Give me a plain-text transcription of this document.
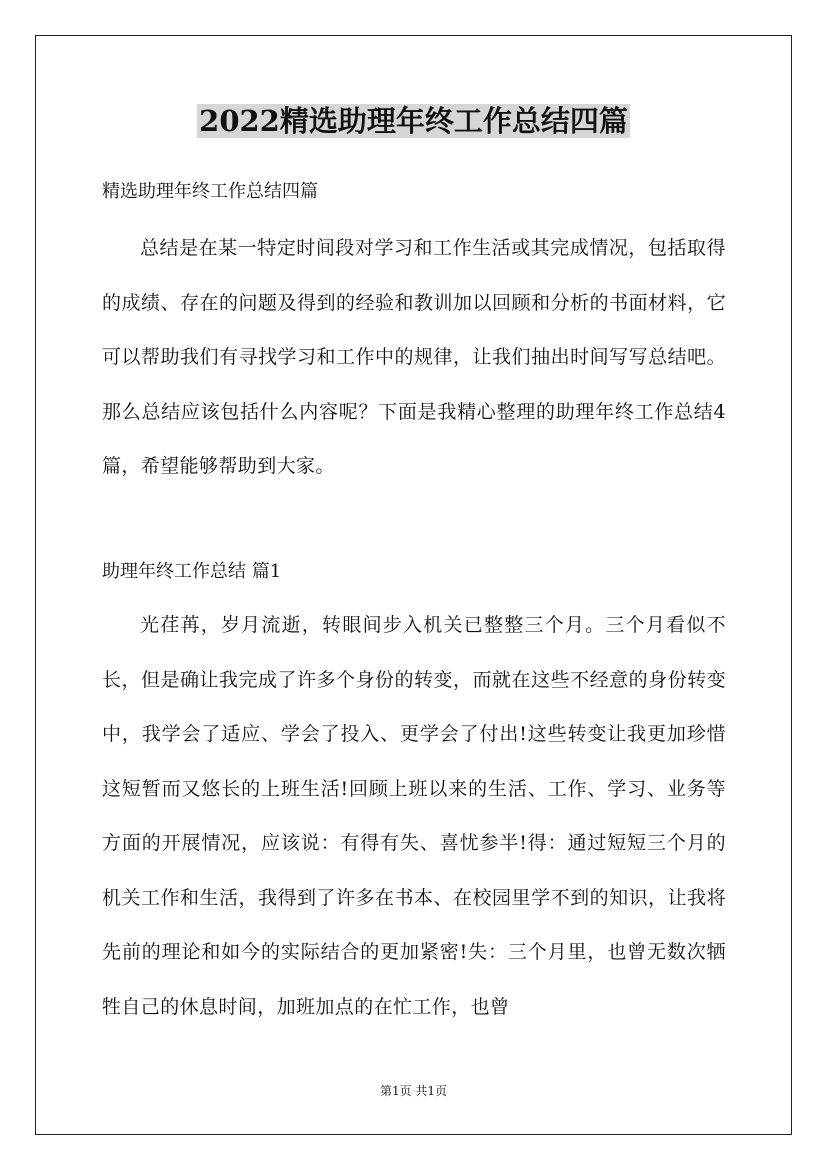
2022精选助理年终工作总结四篇

精选助理年终工作总结四篇

总结是在某一特定时间段对学习和工作生活或其完成情况，包括取得的成绩、存在的问题及得到的经验和教训加以回顾和分析的书面材料，它可以帮助我们有寻找学习和工作中的规律，让我们抽出时间写写总结吧。那么总结应该包括什么内容呢？下面是我精心整理的助理年终工作总结4篇，希望能够帮助到大家。

助理年终工作总结 篇1

光荏苒，岁月流逝，转眼间步入机关已整整三个月。三个月看似不长，但是确让我完成了许多个身份的转变，而就在这些不经意的身份转变中，我学会了适应、学会了投入、更学会了付出!这些转变让我更加珍惜这短暂而又悠长的上班生活!回顾上班以来的生活、工作、学习、业务等方面的开展情况，应该说：有得有失、喜忧参半!得：通过短短三个月的机关工作和生活，我得到了许多在书本、在校园里学不到的知识，让我将先前的理论和如今的实际结合的更加紧密!失：三个月里，也曾无数次牺牲自己的休息时间，加班加点的在忙工作，也曾

第1页 共1页
